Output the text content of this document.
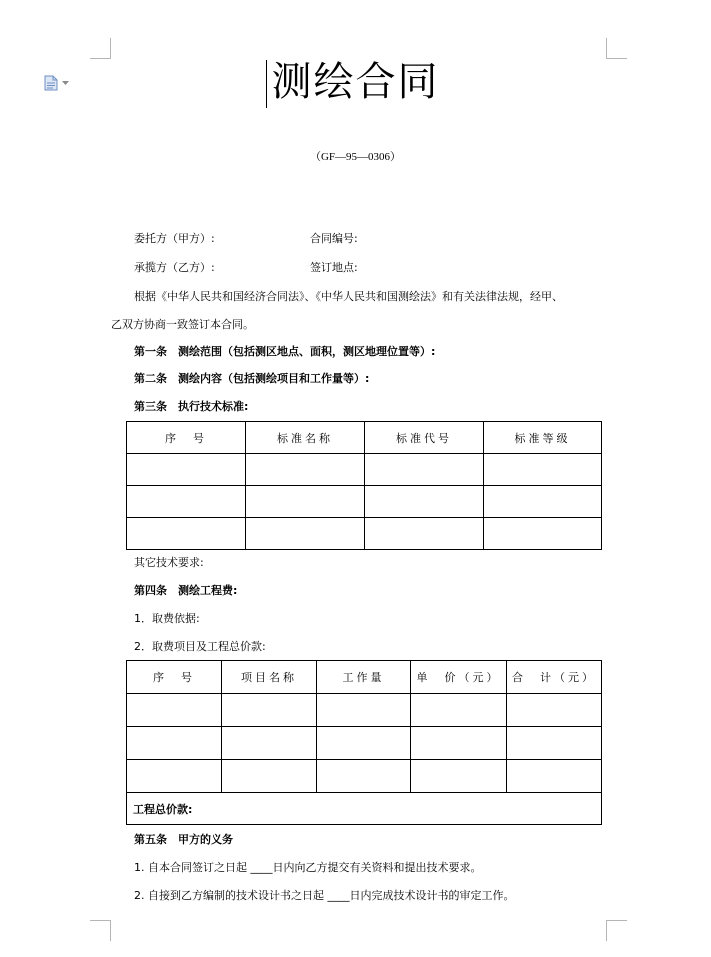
测绘合同
（GF—95—0306）
委托方（甲方）:	合同编号:
承揽方（乙方）:	签订地点:
根据《中华人民共和国经济合同法》、《中华人民共和国测绘法》和有关法律法规，经甲、
乙双方协商一致签订本合同。
第一条　测绘范围（包括测区地点、面积，测区地理位置等）:
第二条　测绘内容（包括测绘项目和工作量等）:
第三条　执行技术标准:
序　号	标准名称	标准代号	标准等级

其它技术要求:
第四条　测绘工程费:
1．取费依据:
2．取费项目及工程总价款:
序　号	项目名称	工作量	单　价（元）	合　计（元）

工程总价款:				
第五条　甲方的义务
1. 自本合同签订之日起 ____日内向乙方提交有关资料和提出技术要求。
2. 自接到乙方编制的技术设计书之日起 ____日内完成技术设计书的审定工作。
